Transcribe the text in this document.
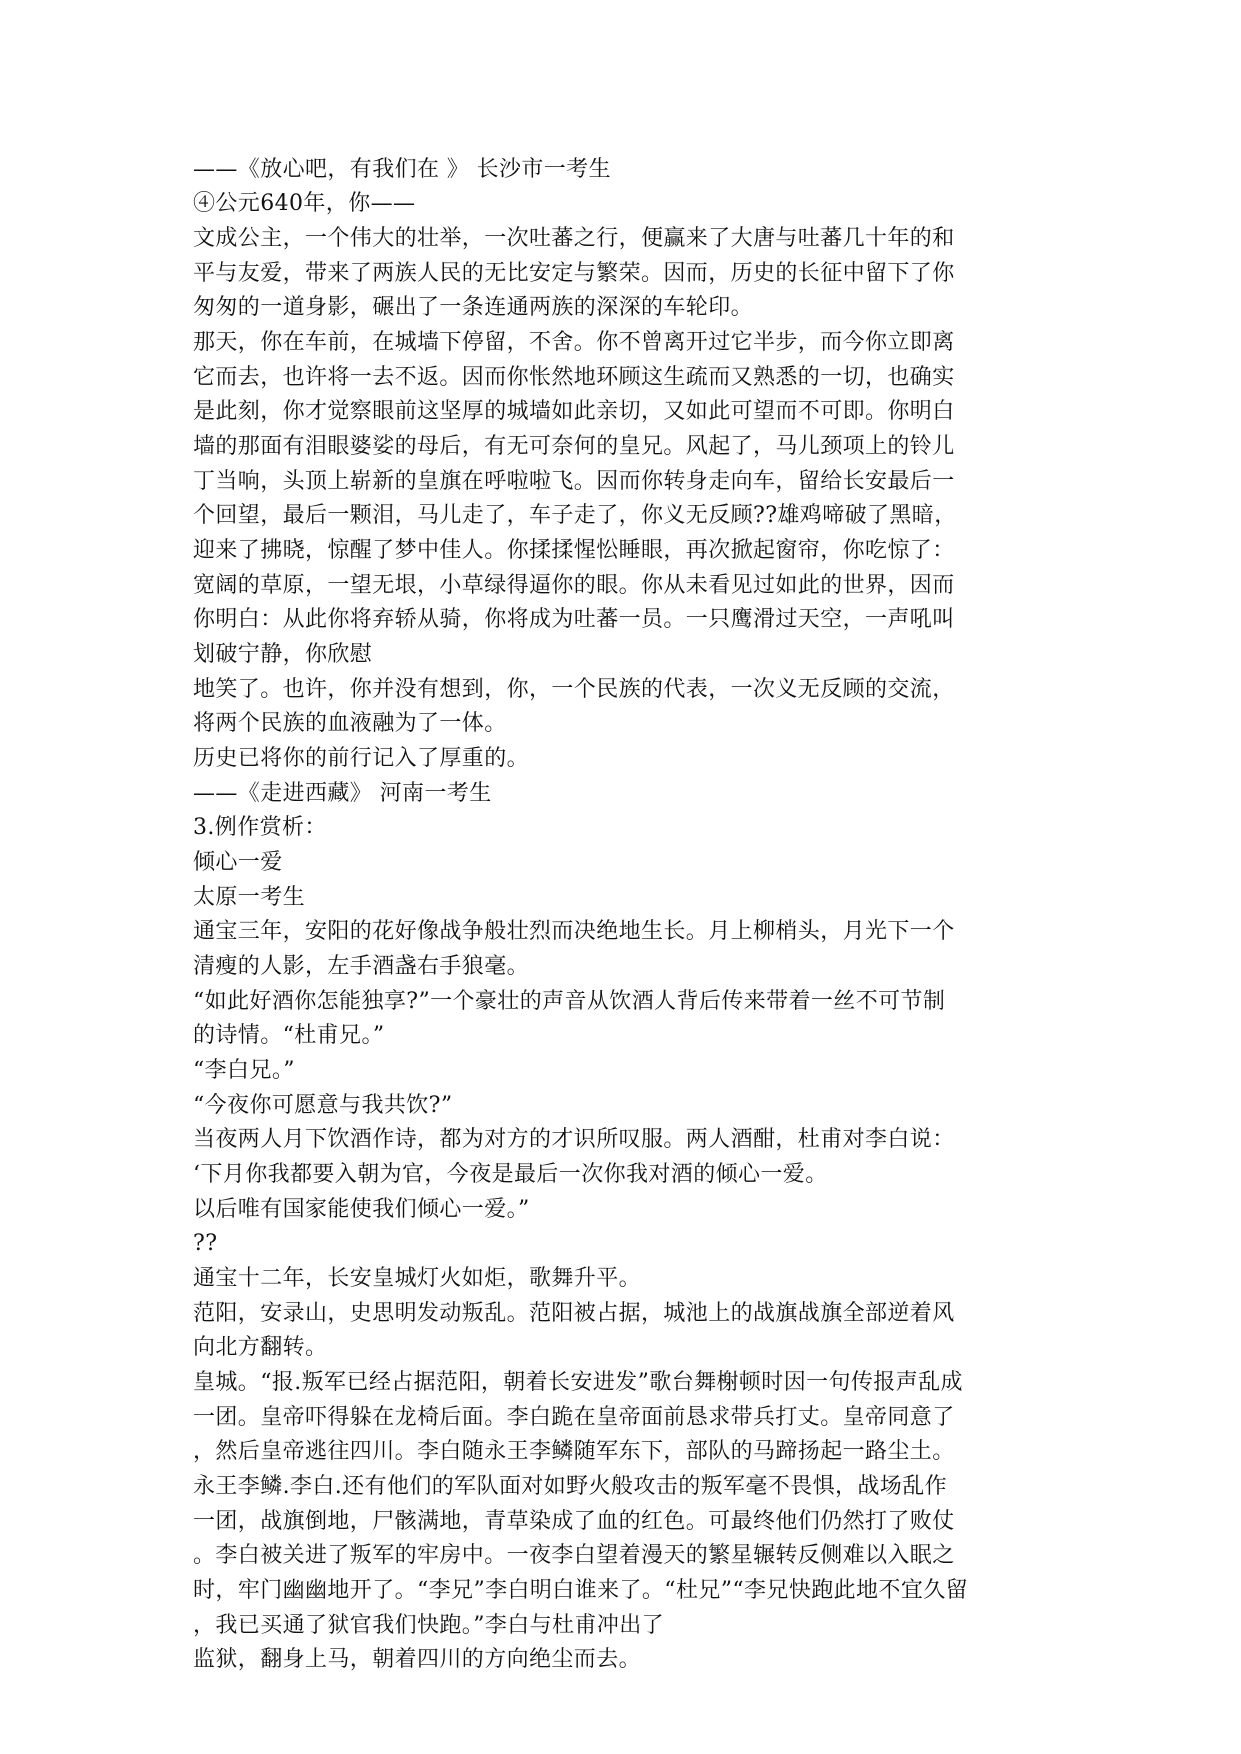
——《放心吧，有我们在 》 长沙市一考生
④公元640年，你——
文成公主，一个伟大的壮举，一次吐蕃之行，便赢来了大唐与吐蕃几十年的和
平与友爱，带来了两族人民的无比安定与繁荣。因而，历史的长征中留下了你
匆匆的一道身影，碾出了一条连通两族的深深的车轮印。
那天，你在车前，在城墙下停留，不舍。你不曾离开过它半步，而今你立即离
它而去，也许将一去不返。因而你怅然地环顾这生疏而又熟悉的一切，也确实
是此刻，你才觉察眼前这坚厚的城墙如此亲切，又如此可望而不可即。你明白
墙的那面有泪眼婆娑的母后，有无可奈何的皇兄。风起了，马儿颈项上的铃儿
丁当响，头顶上崭新的皇旗在呼啦啦飞。因而你转身走向车，留给长安最后一
个回望，最后一颗泪，马儿走了，车子走了，你义无反顾??雄鸡啼破了黑暗，
迎来了拂晓，惊醒了梦中佳人。你揉揉惺忪睡眼，再次掀起窗帘，你吃惊了：
宽阔的草原，一望无垠，小草绿得逼你的眼。你从未看见过如此的世界，因而
你明白：从此你将弃轿从骑，你将成为吐蕃一员。一只鹰滑过天空，一声吼叫
划破宁静，你欣慰
地笑了。也许，你并没有想到，你，一个民族的代表，一次义无反顾的交流，
将两个民族的血液融为了一体。
历史已将你的前行记入了厚重的。
——《走进西藏》 河南一考生
3.例作赏析：
倾心一爱
太原一考生
通宝三年，安阳的花好像战争般壮烈而决绝地生长。月上柳梢头，月光下一个
清瘦的人影，左手酒盏右手狼毫。
“如此好酒你怎能独享?”一个豪壮的声音从饮酒人背后传来带着一丝不可节制
的诗情。“杜甫兄。”
“李白兄。”
“今夜你可愿意与我共饮?”
当夜两人月下饮酒作诗，都为对方的才识所叹服。两人酒酣，杜甫对李白说：
‘下月你我都要入朝为官，今夜是最后一次你我对酒的倾心一爱。
以后唯有国家能使我们倾心一爱。”
??
通宝十二年，长安皇城灯火如炬，歌舞升平。
范阳，安录山，史思明发动叛乱。范阳被占据，城池上的战旗战旗全部逆着风
向北方翻转。
皇城。“报.叛军已经占据范阳，朝着长安进发”歌台舞榭顿时因一句传报声乱成
一团。皇帝吓得躲在龙椅后面。李白跪在皇帝面前恳求带兵打丈。皇帝同意了
，然后皇帝逃往四川。李白随永王李鳞随军东下，部队的马蹄扬起一路尘土。
永王李鳞.李白.还有他们的军队面对如野火般攻击的叛军毫不畏惧，战场乱作
一团，战旗倒地，尸骸满地，青草染成了血的红色。可最终他们仍然打了败仗
。李白被关进了叛军的牢房中。一夜李白望着漫天的繁星辗转反侧难以入眠之
时，牢门幽幽地开了。“李兄”李白明白谁来了。“杜兄”“李兄快跑此地不宜久留
，我已买通了狱官我们快跑。”李白与杜甫冲出了
监狱，翻身上马，朝着四川的方向绝尘而去。
